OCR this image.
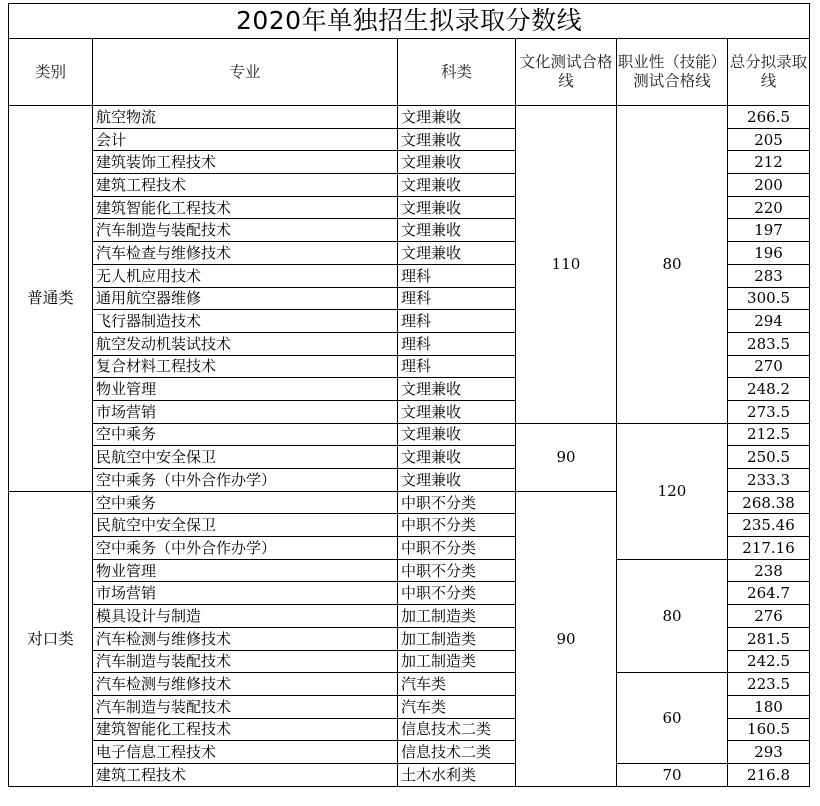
2020年单独招生拟录取分数线					
类别	专业	科类	文化测试合格线	职业性（技能）测试合格线	总分拟录取线
普通类	航空物流	文理兼收	110	80	266.5
	会计	文理兼收			205
	建筑装饰工程技术	文理兼收			212
	建筑工程技术	文理兼收			200
	建筑智能化工程技术	文理兼收			220
	汽车制造与装配技术	文理兼收			197
	汽车检查与维修技术	文理兼收			196
	无人机应用技术	理科			283
	通用航空器维修	理科			300.5
	飞行器制造技术	理科			294
	航空发动机装试技术	理科			283.5
	复合材料工程技术	理科			270
	物业管理	文理兼收			248.2
	市场营销	文理兼收			273.5
	空中乘务	文理兼收	90	120	212.5
	民航空中安全保卫	文理兼收			250.5
	空中乘务（中外合作办学）	文理兼收			233.3
对口类	空中乘务	中职不分类	90		268.38
	民航空中安全保卫	中职不分类			235.46
	空中乘务（中外合作办学）	中职不分类			217.16
	物业管理	中职不分类		80	238
	市场营销	中职不分类			264.7
	模具设计与制造	加工制造类			276
	汽车检测与维修技术	加工制造类			281.5
	汽车制造与装配技术	加工制造类			242.5
	汽车检测与维修技术	汽车类		60	223.5
	汽车制造与装配技术	汽车类			180
	建筑智能化工程技术	信息技术二类			160.5
	电子信息工程技术	信息技术二类			293
	建筑工程技术	土木水利类		70	216.8
